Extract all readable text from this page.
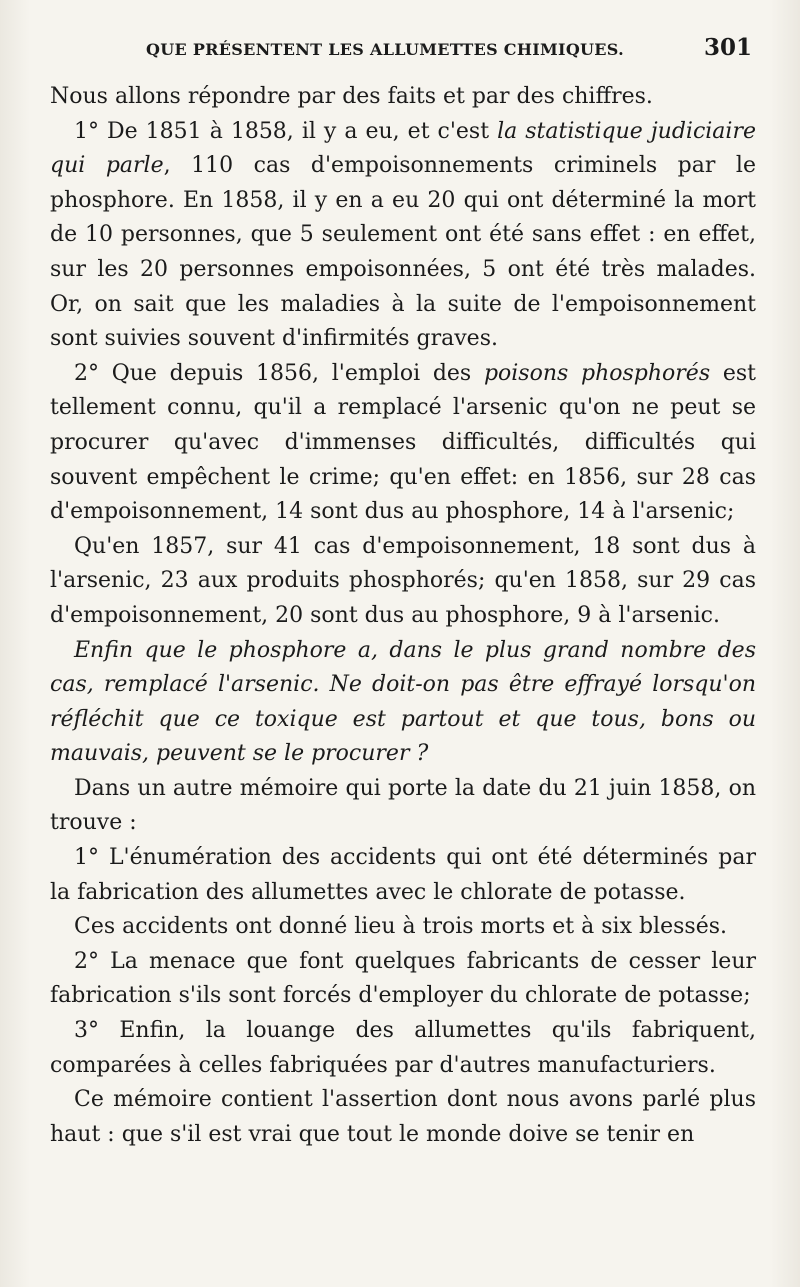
QUE PRÉSENTENT LES ALLUMETTES CHIMIQUES.	301

Nous allons répondre par des faits et par des chiffres.

1° De 1851 à 1858, il y a eu, et c'est la statistique judiciaire qui parle, 110 cas d'empoisonnements criminels par le phosphore. En 1858, il y en a eu 20 qui ont déterminé la mort de 10 personnes, que 5 seulement ont été sans effet : en effet, sur les 20 personnes empoisonnées, 5 ont été très malades. Or, on sait que les maladies à la suite de l'empoisonnement sont suivies souvent d'infirmités graves.

2° Que depuis 1856, l'emploi des poisons phosphorés est tellement connu, qu'il a remplacé l'arsenic qu'on ne peut se procurer qu'avec d'immenses difficultés, difficultés qui souvent empêchent le crime; qu'en effet: en 1856, sur 28 cas d'empoisonnement, 14 sont dus au phosphore, 14 à l'arsenic;

Qu'en 1857, sur 41 cas d'empoisonnement, 18 sont dus à l'arsenic, 23 aux produits phosphorés; qu'en 1858, sur 29 cas d'empoisonnement, 20 sont dus au phosphore, 9 à l'arsenic.

Enfin que le phosphore a, dans le plus grand nombre des cas, remplacé l'arsenic. Ne doit-on pas être effrayé lorsqu'on réfléchit que ce toxique est partout et que tous, bons ou mauvais, peuvent se le procurer ?

Dans un autre mémoire qui porte la date du 21 juin 1858, on trouve :

1° L'énumération des accidents qui ont été déterminés par la fabrication des allumettes avec le chlorate de potasse.

Ces accidents ont donné lieu à trois morts et à six blessés.

2° La menace que font quelques fabricants de cesser leur fabrication s'ils sont forcés d'employer du chlorate de potasse;

3° Enfin, la louange des allumettes qu'ils fabriquent, comparées à celles fabriquées par d'autres manufacturiers.

Ce mémoire contient l'assertion dont nous avons parlé plus haut : que s'il est vrai que tout le monde doive se tenir en
